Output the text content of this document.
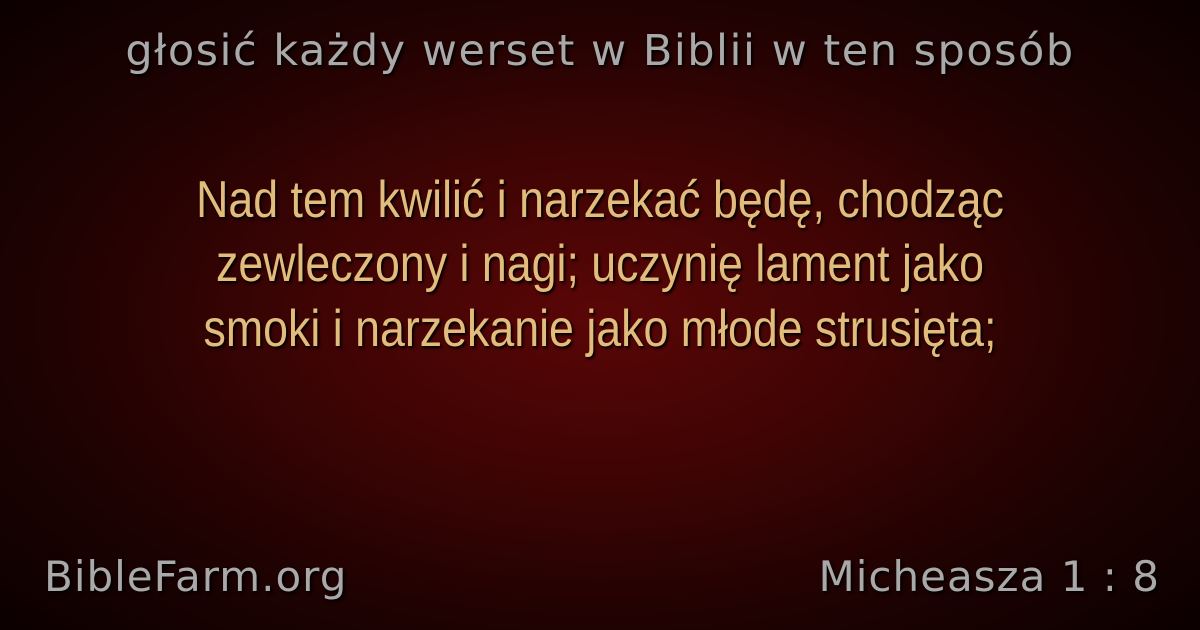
głosić każdy werset w Biblii w ten sposób
Nad tem kwilić i narzekać będę, chodząc
zewleczony i nagi; uczynię lament jako
smoki i narzekanie jako młode strusięta;
BibleFarm.org	Micheasza 1 : 8
